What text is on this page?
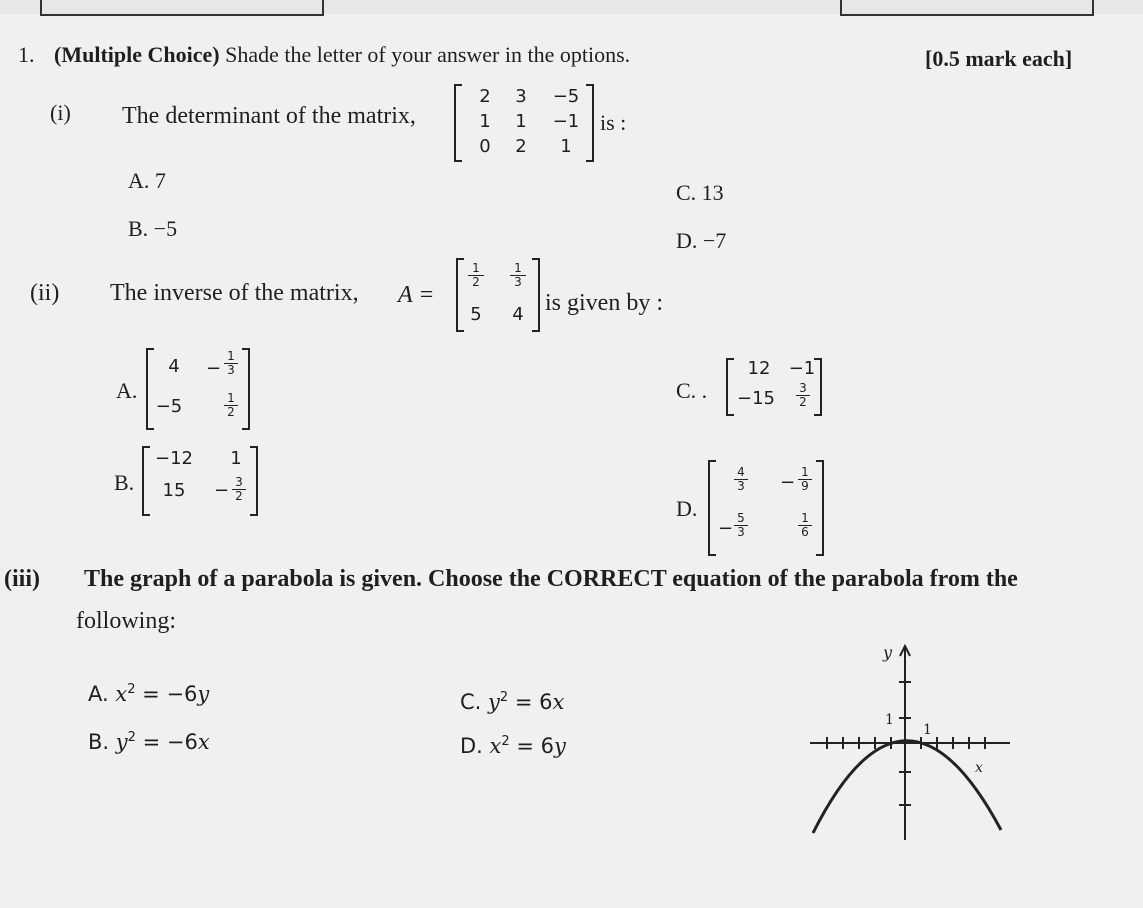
1. (Multiple Choice) Shade the letter of your answer in the options.	[0.5 mark each]
(i) The determinant of the matrix,
2 3	−5
1 1	−1
0 2	1
is :
A. 7	C. 13
B. −5	D. −7
(ii) The inverse of the matrix, A =
$\frac{1}{2} \frac{1}{3}$
5 4 is given by :
A.
$4 - \frac{1}{3}$
−5	$\frac{1}{2}$
C. .
12	−1
−15	$\frac{3}{2}$
B.
−12 1
15	− $\frac{3}{2}$
D.
$\frac{4}{3} - \frac{1}{9}$
− $\frac{5}{3}$	$\frac{1}{6}$
(iii) The graph of a parabola is given. Choose the CORRECT equation of the parabola from the
following:
A. $x^2 = -6y$	C. $y^2 = 6x$
B. $y^2 = -6x$	D. $x^2 = 6y$
y
x
1
1
